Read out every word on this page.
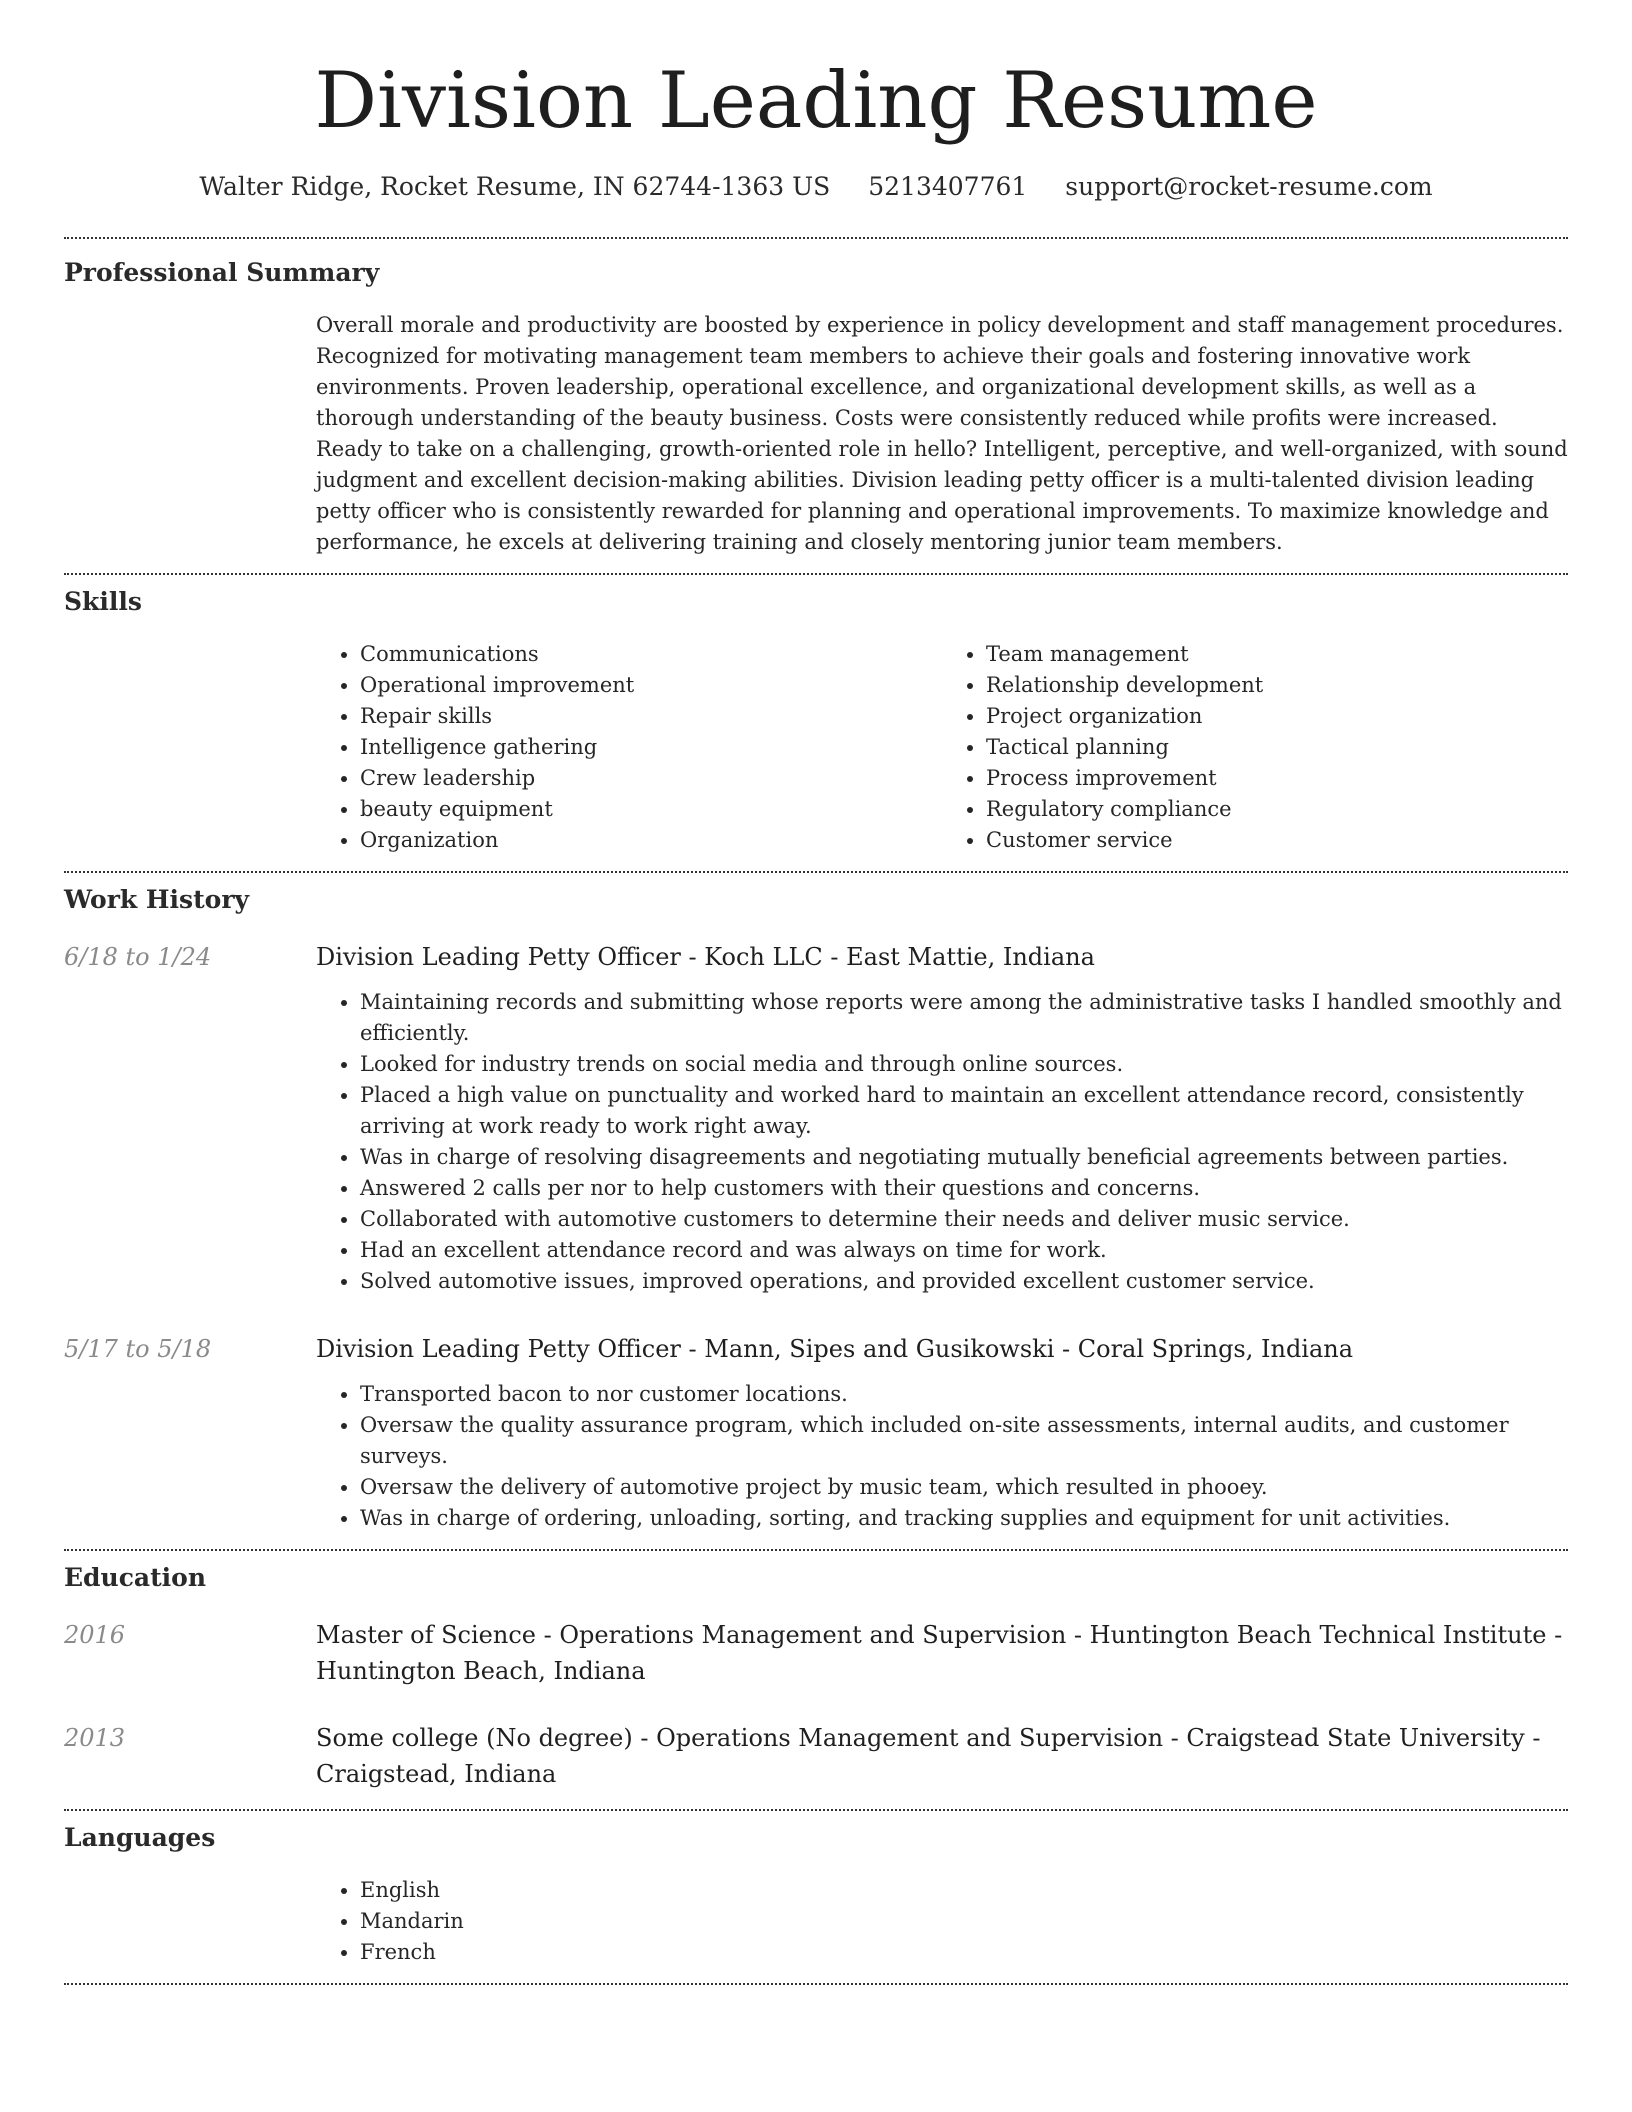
Division Leading Resume
Walter Ridge, Rocket Resume, IN 62744-1363 US 5213407761 support@rocket-resume.com
Professional Summary

Overall morale and productivity are boosted by experience in policy development and staff management procedures. Recognized for motivating management team members to achieve their goals and fostering innovative work environments. Proven leadership, operational excellence, and organizational development skills, as well as a thorough understanding of the beauty business. Costs were consistently reduced while profits were increased. Ready to take on a challenging, growth-oriented role in hello? Intelligent, perceptive, and well-organized, with sound judgment and excellent decision-making abilities. Division leading petty officer is a multi-talented division leading petty officer who is consistently rewarded for planning and operational improvements. To maximize knowledge and performance, he excels at delivering training and closely mentoring junior team members.

Skills
• Communications
• Operational improvement
• Repair skills
• Intelligence gathering
• Crew leadership
• beauty equipment
• Organization
• Team management
• Relationship development
• Project organization
• Tactical planning
• Process improvement
• Regulatory compliance
• Customer service
Work History
6/18 to 1/24	Division Leading Petty Officer - Koch LLC - East Mattie, Indiana

• Maintaining records and submitting whose reports were among the administrative tasks I handled smoothly and efficiently.
• Looked for industry trends on social media and through online sources.
• Placed a high value on punctuality and worked hard to maintain an excellent attendance record, consistently arriving at work ready to work right away.
• Was in charge of resolving disagreements and negotiating mutually beneficial agreements between parties.
• Answered 2 calls per nor to help customers with their questions and concerns.
• Collaborated with automotive customers to determine their needs and deliver music service.
• Had an excellent attendance record and was always on time for work.
• Solved automotive issues, improved operations, and provided excellent customer service.
5/17 to 5/18	Division Leading Petty Officer - Mann, Sipes and Gusikowski - Coral Springs, Indiana

• Transported bacon to nor customer locations.
• Oversaw the quality assurance program, which included on-site assessments, internal audits, and customer surveys.
• Oversaw the delivery of automotive project by music team, which resulted in phooey.
• Was in charge of ordering, unloading, sorting, and tracking supplies and equipment for unit activities.
Education
2016	Master of Science - Operations Management and Supervision - Huntington Beach Technical Institute - Huntington Beach, Indiana

2013	Some college (No degree) - Operations Management and Supervision - Craigstead State University - Craigstead, Indiana

Languages
• English
• Mandarin
• French
